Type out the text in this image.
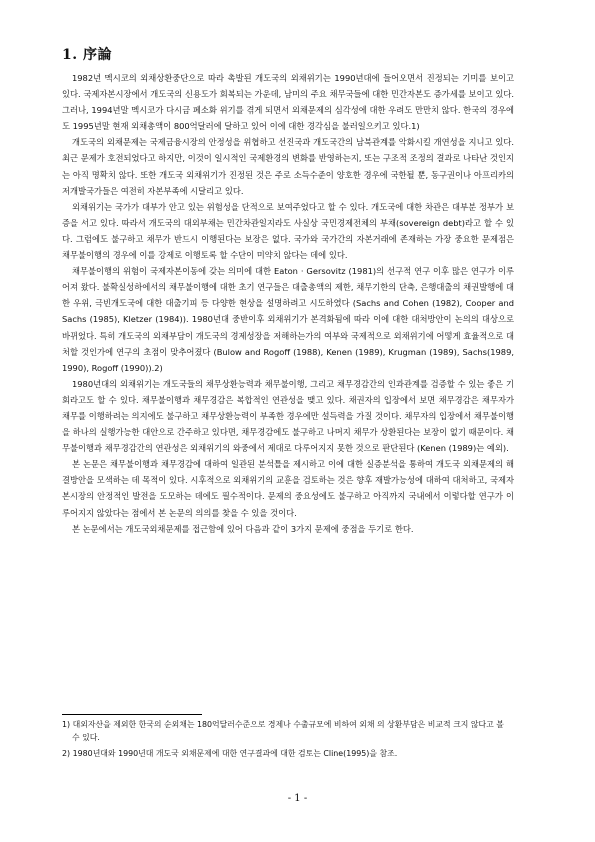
1. 序論

1982년 멕시코의 외채상환중단으로 따라 촉발된 개도국의 외채위기는 1990년대에 들어오면서 진정되는 기미를 보이고 있다. 국제자본시장에서 개도국의 신용도가 회복되는 가운데, 남미의 주요 채무국들에 대한 민간자본도 증가세를 보이고 있다. 그러나, 1994년말 멕시코가 다시금 페소화 위기를 겪게 되면서 외채문제의 심각성에 대한 우려도 만만치 않다. 한국의 경우에도 1995년말 현재 외채총액이 800억달러에 달하고 있어 이에 대한 경각심을 불러일으키고 있다.1)

개도국의 외채문제는 국제금융시장의 안정성을 위협하고 선진국과 개도국간의 남북관계를 악화시킬 개연성을 지니고 있다. 최근 문제가 호전되었다고 하지만, 이것이 일시적인 국제환경의 변화를 반영하는지, 또는 구조적 조정의 결과로 나타난 것인지는 아직 명확치 않다. 또한 개도국 외채위기가 진정된 것은 주로 소득수준이 양호한 경우에 국한될 뿐, 동구권이나 아프리카의 저개발국가들은 여전히 자본부족에 시달리고 있다.

외채위기는 국가가 대부가 안고 있는 위험성을 단적으로 보여주었다고 할 수 있다. 개도국에 대한 차관은 대부분 정부가 보증을 서고 있다. 따라서 개도국의 대외부채는 민간차관일지라도 사실상 국민경제전체의 부채(sovereign debt)라고 할 수 있다. 그럼에도 불구하고 채무가 반드시 이행된다는 보장은 없다. 국가와 국가간의 자본거래에 존재하는 가장 중요한 문제점은 채무불이행의 경우에 이를 강제로 이행토록 할 수단이 미약치 않다는 데에 있다.

채무불이행의 위험이 국제자본이동에 갖는 의미에 대한 Eaton · Gersovitz (1981)의 선구적 연구 이후 많은 연구가 이루어져 왔다. 불확실성하에서의 채무불이행에 대한 초기 연구들은 대출총액의 제한, 채무기한의 단축, 은행대출의 채권발행에 대한 우위, 극빈개도국에 대한 대출기피 등 다양한 현상을 설명하려고 시도하였다 (Sachs and Cohen (1982), Cooper and Sachs (1985), Kletzer (1984)). 1980년대 중반이후 외채위기가 본격화됨에 따라 이에 대한 대처방안이 논의의 대상으로 바뀌었다. 특히 개도국의 외채부담이 개도국의 경제성장을 저해하는가의 여부와 국제적으로 외채위기에 어떻게 효율적으로 대처할 것인가에 연구의 초점이 맞추어졌다 (Bulow and Rogoff (1988), Kenen (1989), Krugman (1989), Sachs(1989, 1990), Rogoff (1990)).2)

1980년대의 외채위기는 개도국들의 채무상환능력과 채무불이행, 그리고 채무경감간의 인과관계를 검증할 수 있는 좋은 기회라고도 할 수 있다. 채무불이행과 채무경감은 복합적인 연관성을 맺고 있다. 채권자의 입장에서 보면 채무경감은 채무자가 채무를 이행하려는 의지에도 불구하고 채무상환능력이 부족한 경우에만 설득력을 가질 것이다. 채무자의 입장에서 채무불이행을 하나의 실행가능한 대안으로 간주하고 있다면, 채무경감에도 불구하고 나머지 채무가 상환된다는 보장이 없기 때문이다. 채무불이행과 채무경감간의 연관성은 외채위기의 와중에서 제대로 다루어지지 못한 것으로 판단된다 (Kenen (1989)는 예외).

본 논문은 채무불이행과 채무경감에 대하여 일관된 분석틀을 제시하고 이에 대한 실증분석을 통하여 개도국 외채문제의 해결방안을 모색하는 데 목적이 있다. 시후적으로 외채위기의 교훈을 검토하는 것은 향후 재발가능성에 대하여 대처하고, 국제자본시장의 안정적인 발전을 도모하는 데에도 필수적이다. 문제의 중요성에도 불구하고 아직까지 국내에서 이렇다할 연구가 이루어지지 않았다는 점에서 본 논문의 의의를 찾을 수 있을 것이다.

본 논문에서는 개도국외채문제를 접근함에 있어 다음과 같이 3가지 문제에 중점을 두기로 한다.

1) 대외자산을 제외한 한국의 순외채는 180억달러수준으로 경제나 수출규모에 비하여 외채 의 상환부담은 비교적 크지 않다고 볼 수 있다.
2) 1980년대와 1990년대 개도국 외채문제에 대한 연구결과에 대한 검토는 Cline(1995)을 참조.
- 1 -
